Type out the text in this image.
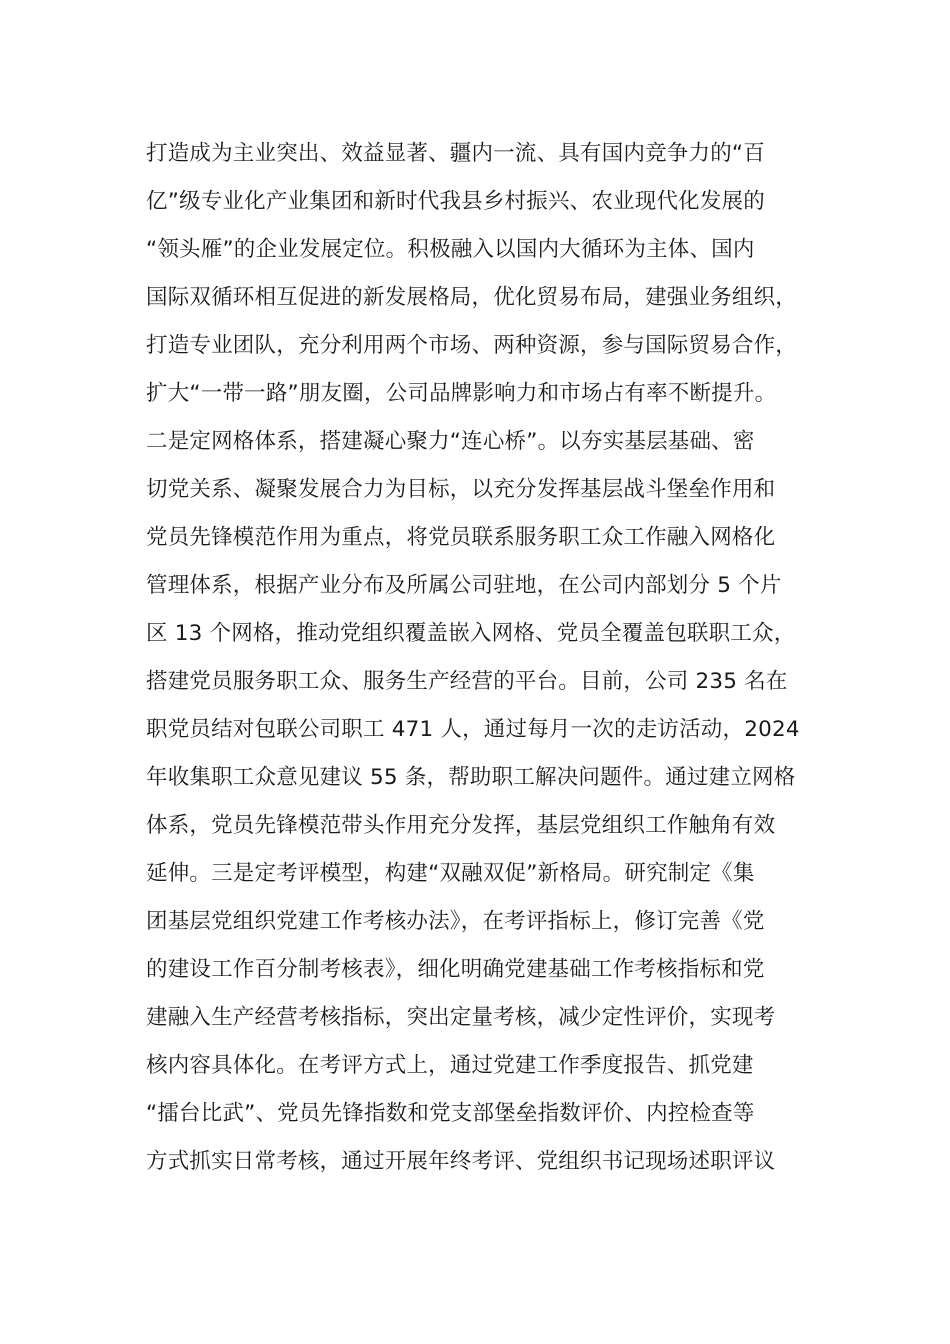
打造成为主业突出、效益显著、疆内一流、具有国内竞争力的“百
亿”级专业化产业集团和新时代我县乡村振兴、农业现代化发展的
“领头雁”的企业发展定位。积极融入以国内大循环为主体、国内
国际双循环相互促进的新发展格局，优化贸易布局，建强业务组织，
打造专业团队，充分利用两个市场、两种资源，参与国际贸易合作，
扩大“一带一路”朋友圈，公司品牌影响力和市场占有率不断提升。
二是定网格体系，搭建凝心聚力“连心桥”。以夯实基层基础、密
切党关系、凝聚发展合力为目标，以充分发挥基层战斗堡垒作用和
党员先锋模范作用为重点，将党员联系服务职工众工作融入网格化
管理体系，根据产业分布及所属公司驻地，在公司内部划分 5 个片
区 13 个网格，推动党组织覆盖嵌入网格、党员全覆盖包联职工众，
搭建党员服务职工众、服务生产经营的平台。目前，公司 235 名在
职党员结对包联公司职工 471 人，通过每月一次的走访活动，2024
年收集职工众意见建议 55 条，帮助职工解决问题件。通过建立网格
体系，党员先锋模范带头作用充分发挥，基层党组织工作触角有效
延伸。三是定考评模型，构建“双融双促”新格局。研究制定《集
团基层党组织党建工作考核办法》，在考评指标上，修订完善《党
的建设工作百分制考核表》，细化明确党建基础工作考核指标和党
建融入生产经营考核指标，突出定量考核，减少定性评价，实现考
核内容具体化。在考评方式上，通过党建工作季度报告、抓党建
“擂台比武”、党员先锋指数和党支部堡垒指数评价、内控检查等
方式抓实日常考核，通过开展年终考评、党组织书记现场述职评议
